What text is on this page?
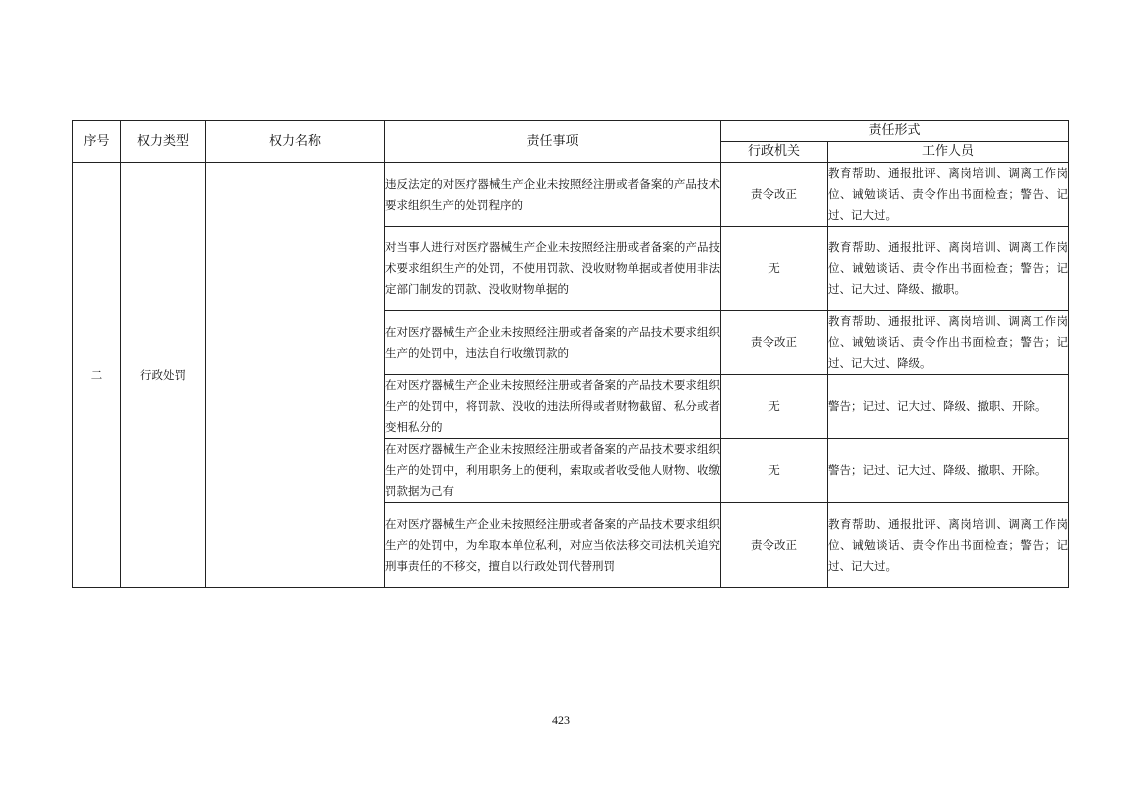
序号	权力类型	权力名称	责任事项	责任形式	
				行政机关	工作人员
二	行政处罚		违反法定的对医疗器械生产企业未按照经注册或者备案的产品技术要求组织生产的处罚程序的	责令改正	教育帮助、通报批评、离岗培训、调离工作岗位、诫勉谈话、责令作出书面检查；警告、记过、记大过。
			对当事人进行对医疗器械生产企业未按照经注册或者备案的产品技术要求组织生产的处罚，不使用罚款、没收财物单据或者使用非法定部门制发的罚款、没收财物单据的	无	教育帮助、通报批评、离岗培训、调离工作岗位、诫勉谈话、责令作出书面检查；警告；记过、记大过、降级、撤职。
			在对医疗器械生产企业未按照经注册或者备案的产品技术要求组织生产的处罚中，违法自行收缴罚款的	责令改正	教育帮助、通报批评、离岗培训、调离工作岗位、诫勉谈话、责令作出书面检查；警告；记过、记大过、降级。
			在对医疗器械生产企业未按照经注册或者备案的产品技术要求组织生产的处罚中，将罚款、没收的违法所得或者财物截留、私分或者变相私分的	无	警告；记过、记大过、降级、撤职、开除。
			在对医疗器械生产企业未按照经注册或者备案的产品技术要求组织生产的处罚中，利用职务上的便利，索取或者收受他人财物、收缴罚款据为己有	无	警告；记过、记大过、降级、撤职、开除。
			在对医疗器械生产企业未按照经注册或者备案的产品技术要求组织生产的处罚中，为牟取本单位私利，对应当依法移交司法机关追究刑事责任的不移交，擅自以行政处罚代替刑罚	责令改正	教育帮助、通报批评、离岗培训、调离工作岗位、诫勉谈话、责令作出书面检查；警告；记过、记大过。
423
